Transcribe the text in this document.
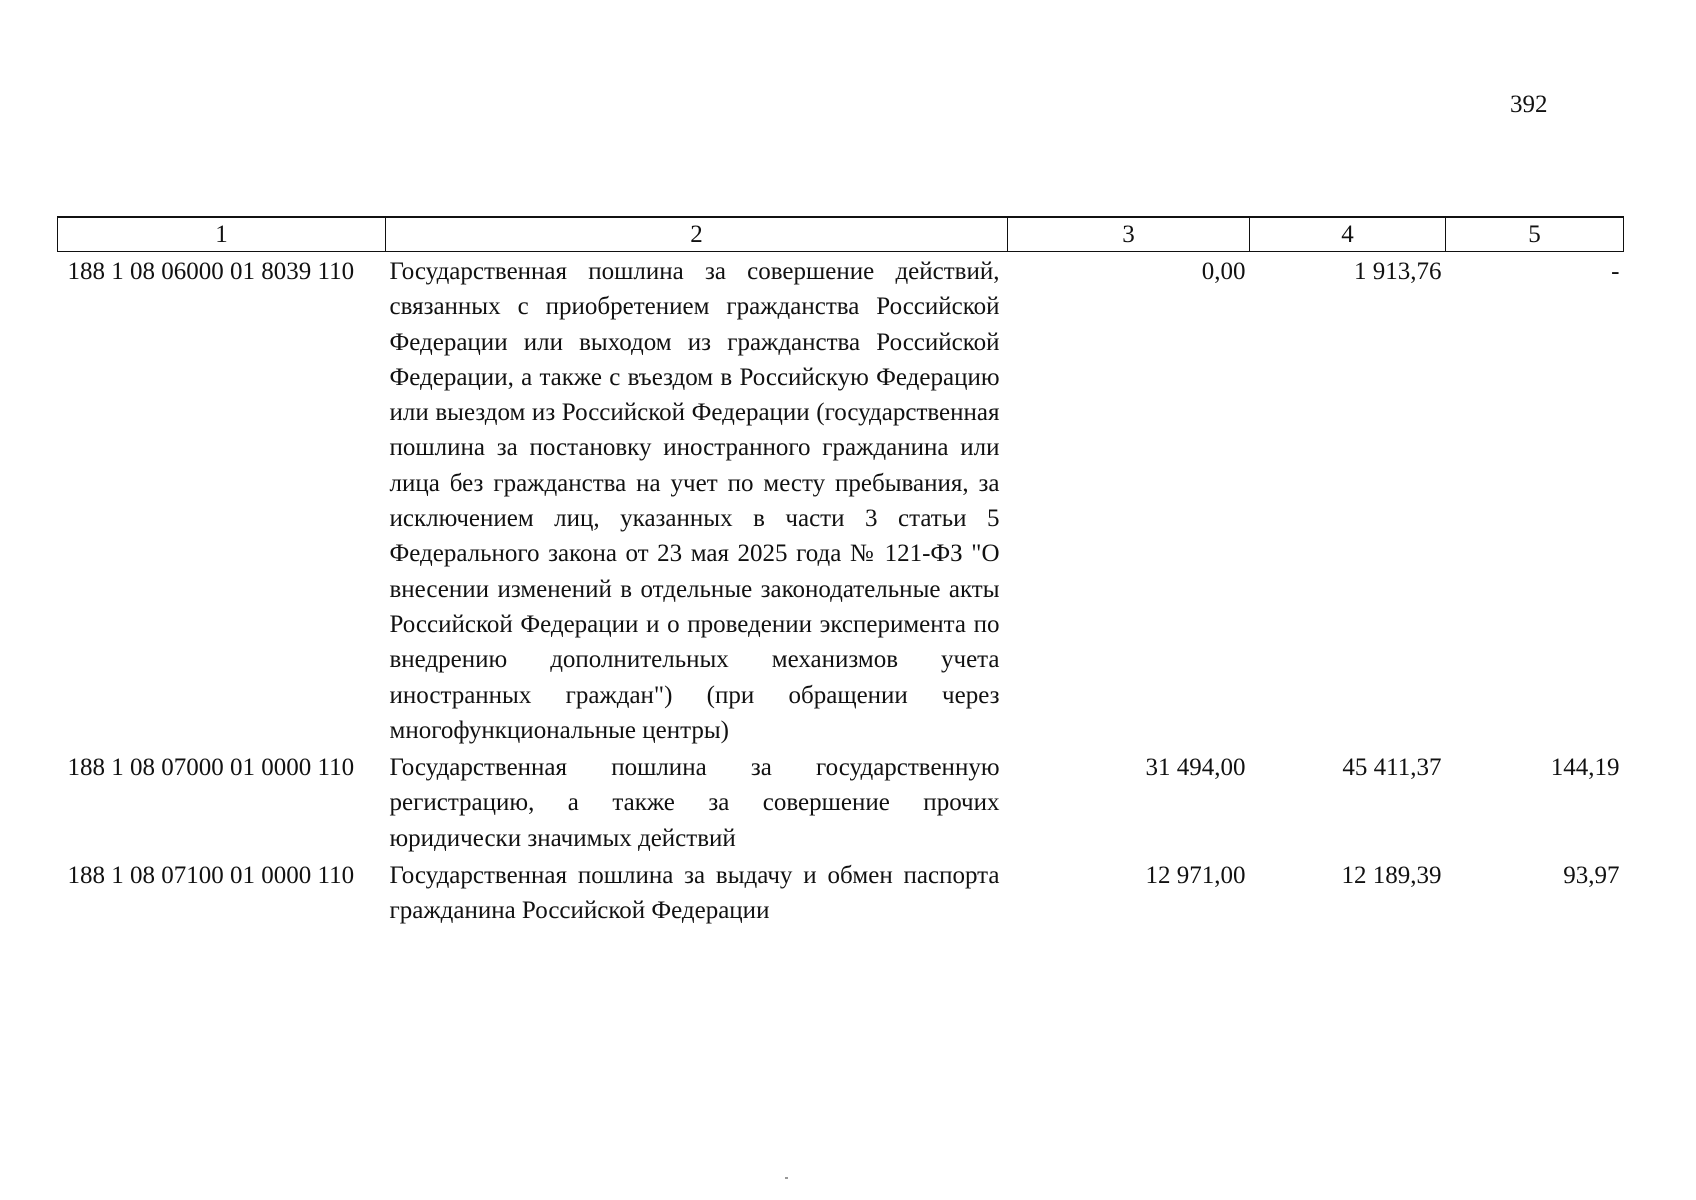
392
1	2	3	4	5
188 1 08 06000 01 8039 110	Государственная пошлина за совершение действий, связанных с приобретением гражданства Российской Федерации или выходом из гражданства Российской Федерации, а также с въездом в Российскую Федерацию или выездом из Российской Федерации (государственная пошлина за постановку иностранного гражданина или лица без гражданства на учет по месту пребывания, за исключением лиц, указанных в части 3 статьи 5 Федерального закона от 23 мая 2025 года № 121-ФЗ "О внесении изменений в отдельные законодательные акты Российской Федерации и о проведении эксперимента по внедрению дополнительных механизмов учета иностранных граждан") (при обращении через многофункциональные центры)	0,00	1 913,76	-
188 1 08 07000 01 0000 110	Государственная пошлина за государственную регистрацию, а также за совершение прочих юридически значимых действий	31 494,00	45 411,37	144,19
188 1 08 07100 01 0000 110	Государственная пошлина за выдачу и обмен паспорта гражданина Российской Федерации	12 971,00	12 189,39	93,97
